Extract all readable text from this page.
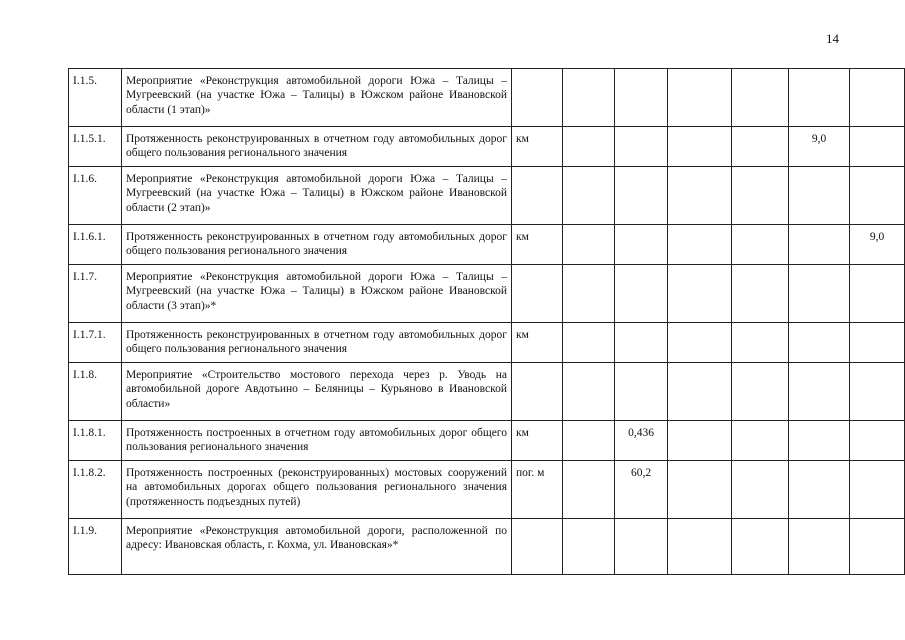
14
I.1.5.	Мероприятие «Реконструкция автомобильной дороги Южа – Талицы – Мугреевский (на участке Южа – Талицы) в Южском районе Ивановской области (1 этап)»							
I.1.5.1.	Протяженность реконструированных в отчетном году автомобильных дорог общего пользования регионального значения	км					9,0	
I.1.6.	Мероприятие «Реконструкция автомобильной дороги Южа – Талицы – Мугреевский (на участке Южа – Талицы) в Южском районе Ивановской области (2 этап)»							
I.1.6.1.	Протяженность реконструированных в отчетном году автомобильных дорог общего пользования регионального значения	км						9,0
I.1.7.	Мероприятие «Реконструкция автомобильной дороги Южа – Талицы – Мугреевский (на участке Южа – Талицы) в Южском районе Ивановской области (3 этап)»*							
I.1.7.1.	Протяженность реконструированных в отчетном году автомобильных дорог общего пользования регионального значения	км						
I.1.8.	Мероприятие «Строительство мостового перехода через р. Уводь на автомобильной дороге Авдотьино – Беляницы – Курьяново в Ивановской области»							
I.1.8.1.	Протяженность построенных в отчетном году автомобильных дорог общего пользования регионального значения	км		0,436				
I.1.8.2.	Протяженность построенных (реконструированных) мостовых сооружений на автомобильных дорогах общего пользования регионального значения (протяженность подъездных путей)	пог. м		60,2				
I.1.9.	Мероприятие «Реконструкция автомобильной дороги, расположенной по адресу: Ивановская область, г. Кохма, ул. Ивановская»*							
